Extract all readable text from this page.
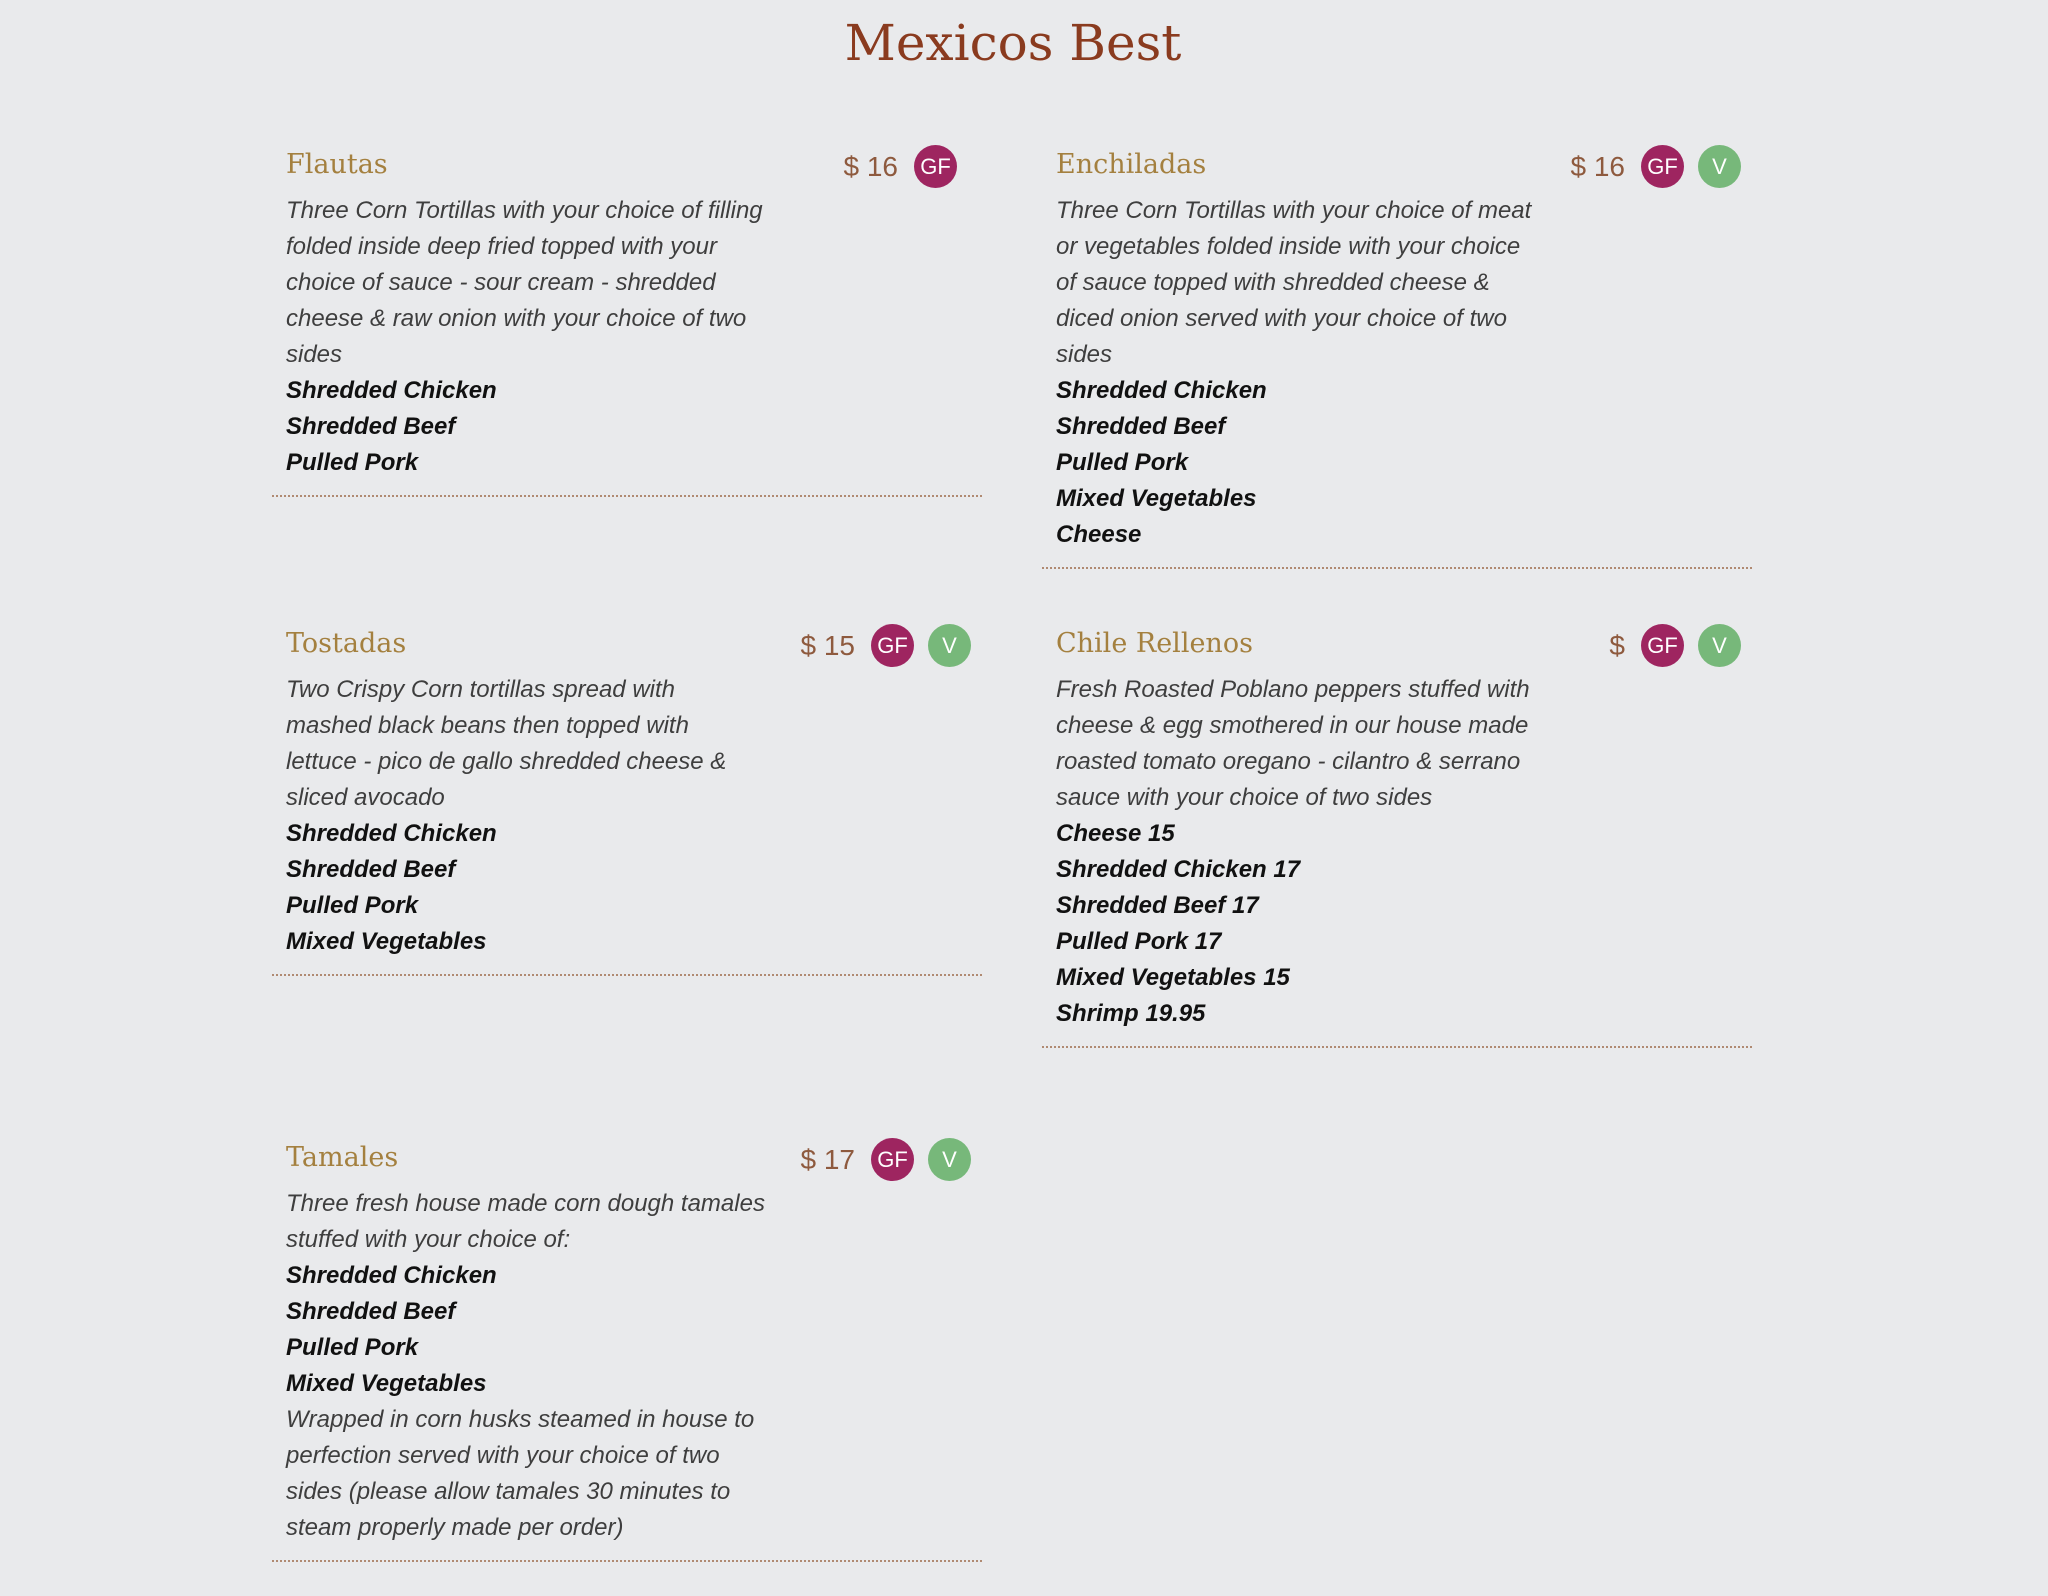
Mexicos Best
Flautas	$ 16 GF

Three Corn Tortillas with your choice of filling folded inside deep fried topped with your choice of sauce - sour cream - shredded cheese & raw onion with your choice of two sides

Shredded Chicken
Shredded Beef
Pulled Pork
Enchiladas	$ 16 GF	V

Three Corn Tortillas with your choice of meat or vegetables folded inside with your choice of sauce topped with shredded cheese & diced onion served with your choice of two sides

Shredded Chicken
Shredded Beef
Pulled Pork
Mixed Vegetables
Cheese
Tostadas	$ 15 GF	V

Two Crispy Corn tortillas spread with mashed black beans then topped with lettuce - pico de gallo shredded cheese & sliced avocado

Shredded Chicken
Shredded Beef
Pulled Pork
Mixed Vegetables
Chile Rellenos	$ GF	V

Fresh Roasted Poblano peppers stuffed with cheese & egg smothered in our house made roasted tomato oregano - cilantro & serrano sauce with your choice of two sides

Cheese 15
Shredded Chicken 17
Shredded Beef 17
Pulled Pork 17
Mixed Vegetables 15
Shrimp 19.95
Tamales	$ 17 GF	V

Three fresh house made corn dough tamales stuffed with your choice of:

Shredded Chicken
Shredded Beef
Pulled Pork
Mixed Vegetables

Wrapped in corn husks steamed in house to perfection served with your choice of two sides (please allow tamales 30 minutes to steam properly made per order)
